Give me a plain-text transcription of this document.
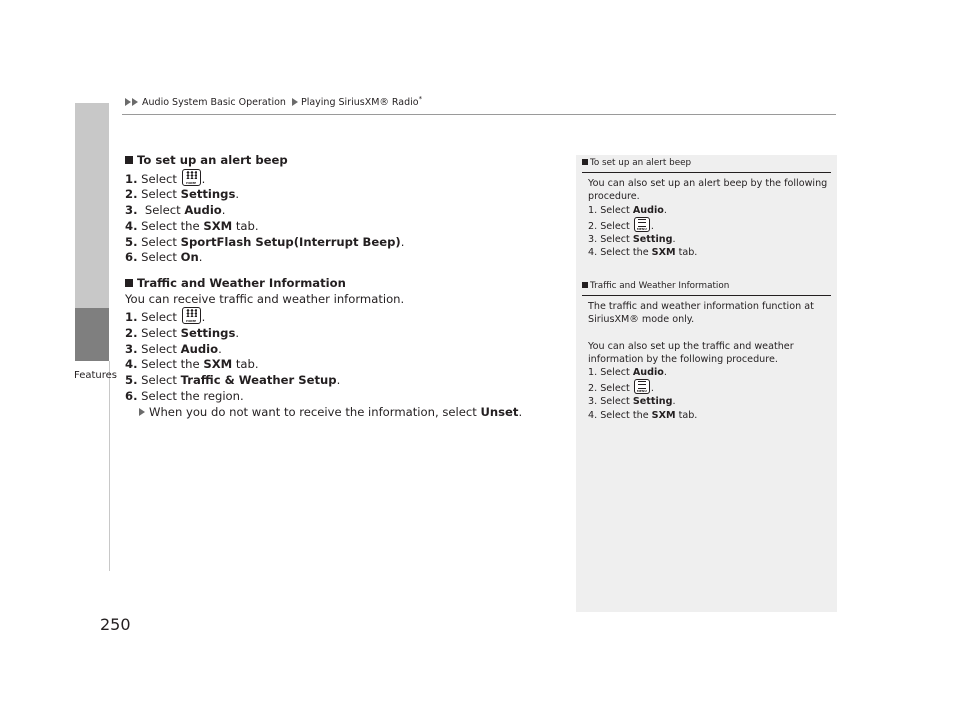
Audio System Basic Operation Playing SiriusXM® Radio*
Features
To set up an alert beep
1. Select	HOME .
2. Select Settings.
3.  Select Audio.
4. Select the SXM tab.
5. Select SportFlash Setup(Interrupt Beep).
6. Select On.
Traffic and Weather Information
You can receive traffic and weather information.
1. Select	HOME .
2. Select Settings.
3. Select Audio.
4. Select the SXM tab.
5. Select Traffic & Weather Setup.
6. Select the region.
When you do not want to receive the information, select Unset.
To set up an alert beep
You can also set up an alert beep by the following
procedure.
1. Select Audio.
2. Select	MENU .
3. Select Setting.
4. Select the SXM tab.
Traffic and Weather Information
The traffic and weather information function at
SiriusXM® mode only.
You can also set up the traffic and weather
information by the following procedure.
1. Select Audio.
2. Select	MENU .
3. Select Setting.
4. Select the SXM tab.
250
